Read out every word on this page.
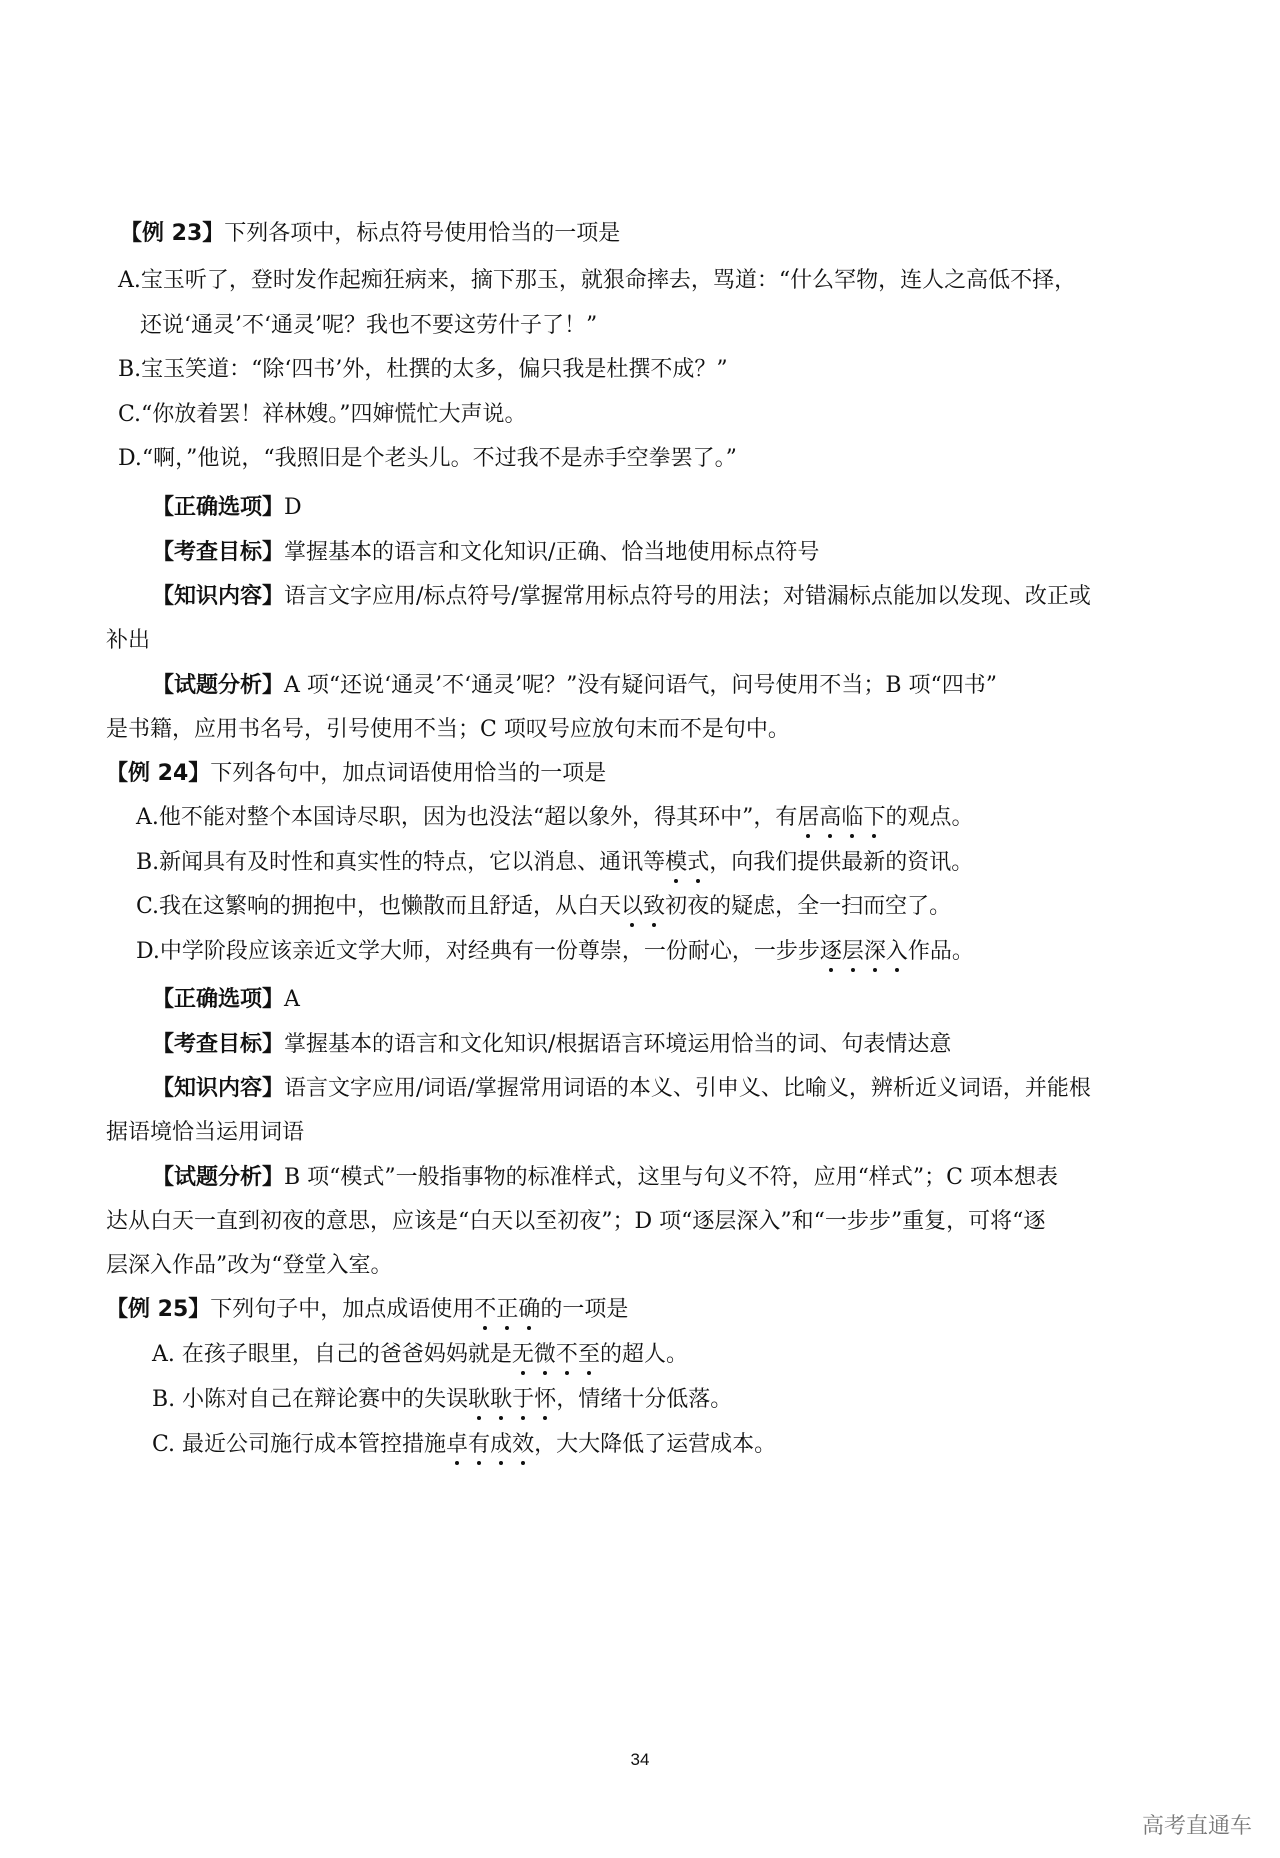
【例 23】下列各项中，标点符号使用恰当的一项是
A.宝玉听了，登时发作起痴狂病来，摘下那玉，就狠命摔去，骂道：“什么罕物，连人之高低不择，
还说‘通灵’不‘通灵’呢？我也不要这劳什子了！”
B.宝玉笑道：“除‘四书’外，杜撰的太多，偏只我是杜撰不成？”
C.“你放着罢！祥林嫂。”四婶慌忙大声说。
D.“啊，”他说，“我照旧是个老头儿。不过我不是赤手空拳罢了。”
【正确选项】D
【考查目标】掌握基本的语言和文化知识/正确、恰当地使用标点符号
【知识内容】语言文字应用/标点符号/掌握常用标点符号的用法；对错漏标点能加以发现、改正或
补出
【试题分析】A 项“还说‘通灵’不‘通灵’呢？”没有疑问语气，问号使用不当；B 项“四书”
是书籍，应用书名号，引号使用不当；C 项叹号应放句末而不是句中。
【例 24】下列各句中，加点词语使用恰当的一项是
A.他不能对整个本国诗尽职，因为也没法“超以象外，得其环中”，有居高临下的观点。
B.新闻具有及时性和真实性的特点，它以消息、通讯等模式，向我们提供最新的资讯。
C.我在这繁响的拥抱中，也懒散而且舒适，从白天以致初夜的疑虑，全一扫而空了。
D.中学阶段应该亲近文学大师，对经典有一份尊崇，一份耐心，一步步逐层深入作品。
【正确选项】A
【考查目标】掌握基本的语言和文化知识/根据语言环境运用恰当的词、句表情达意
【知识内容】语言文字应用/词语/掌握常用词语的本义、引申义、比喻义，辨析近义词语，并能根
据语境恰当运用词语
【试题分析】B 项“模式”一般指事物的标准样式，这里与句义不符，应用“样式”；C 项本想表
达从白天一直到初夜的意思，应该是“白天以至初夜”；D 项“逐层深入”和“一步步”重复，可将“逐
层深入作品”改为“登堂入室。
【例 25】下列句子中，加点成语使用不正确的一项是
A. 在孩子眼里，自己的爸爸妈妈就是无微不至的超人。
B. 小陈对自己在辩论赛中的失误耿耿于怀，情绪十分低落。
C. 最近公司施行成本管控措施卓有成效，大大降低了运营成本。
34
高考直通车
